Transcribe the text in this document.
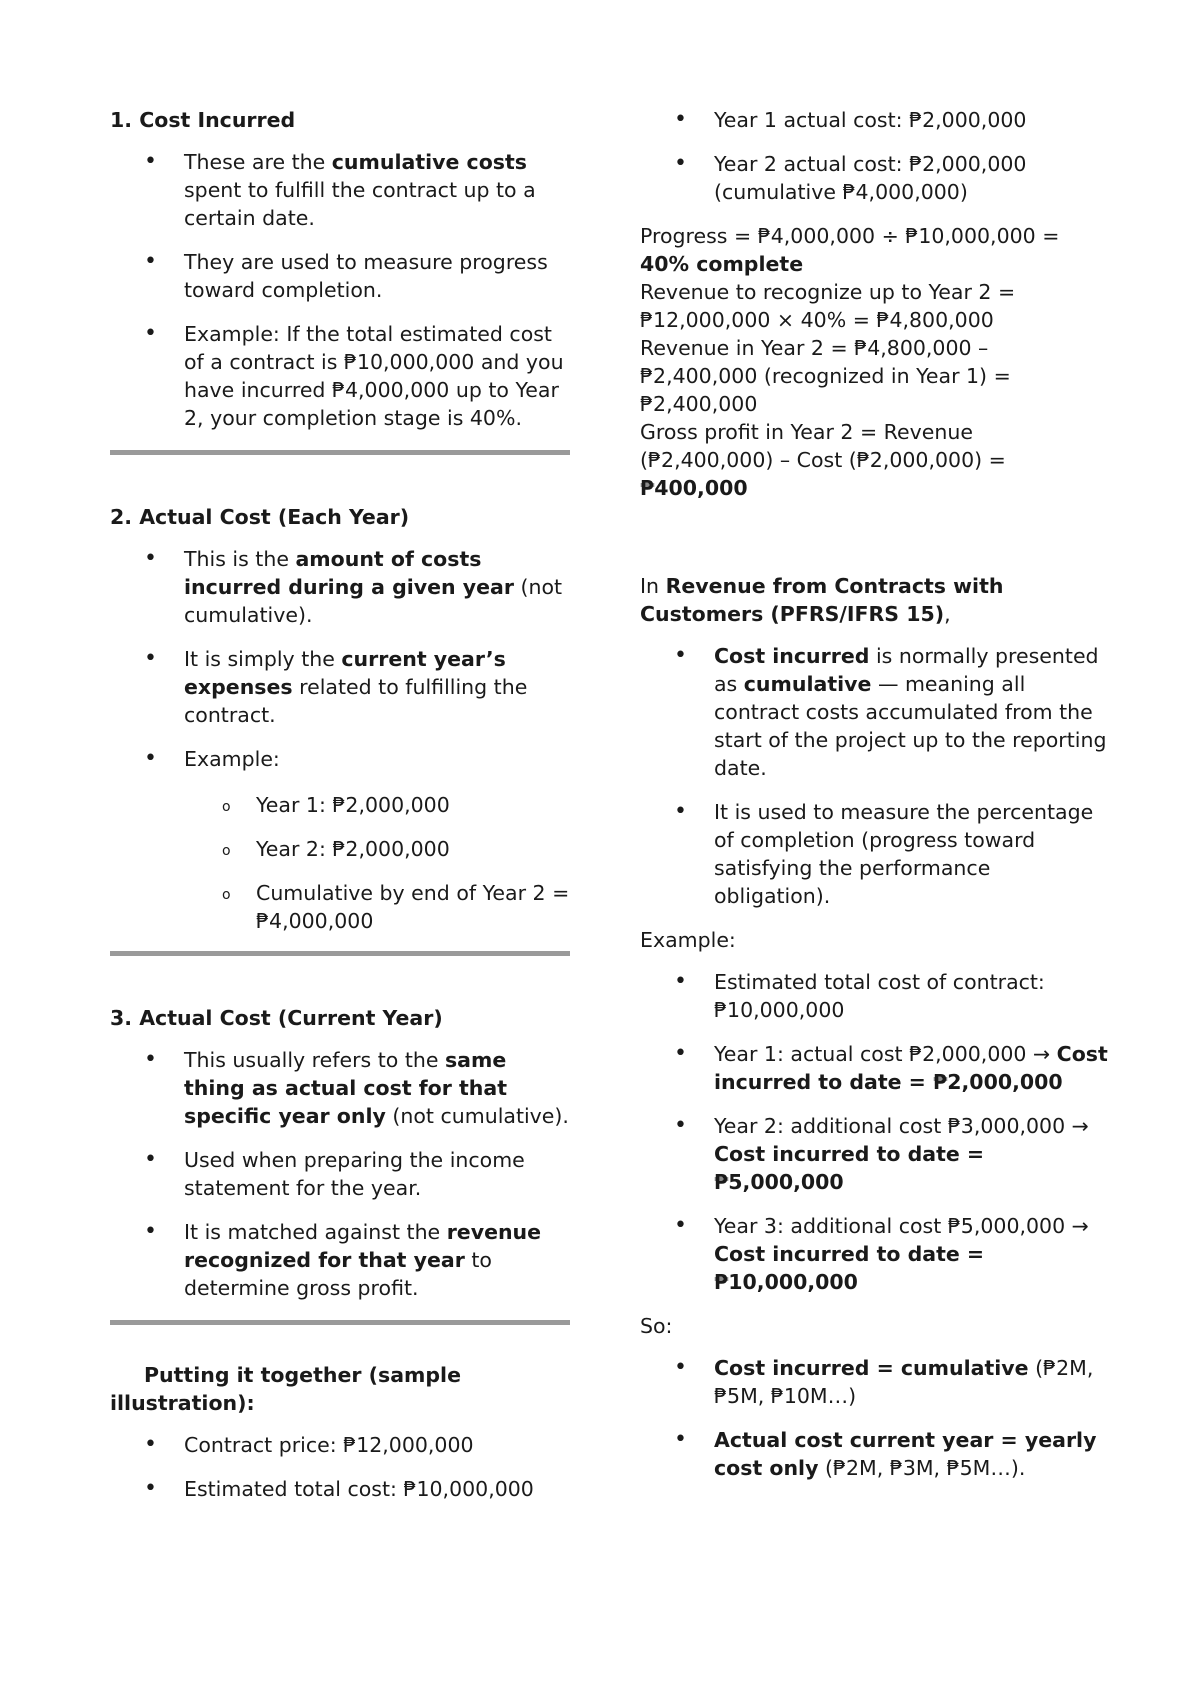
1. Cost Incurred

• These are the cumulative costs spent to fulfill the contract up to a certain date.
• They are used to measure progress toward completion.
• Example: If the total estimated cost of a contract is ₱10,000,000 and you have incurred ₱4,000,000 up to Year 2, your completion stage is 40%.

2. Actual Cost (Each Year)

• This is the amount of costs incurred during a given year (not cumulative).
• It is simply the current year’s expenses related to fulfilling the contract.
• Example:
o Year 1: ₱2,000,000
o Year 2: ₱2,000,000
o Cumulative by end of Year 2 = ₱4,000,000

3. Actual Cost (Current Year)

• This usually refers to the same thing as actual cost for that specific year only (not cumulative).
• Used when preparing the income statement for the year.
• It is matched against the revenue recognized for that year to determine gross profit.

Putting it together (sample illustration):

• Contract price: ₱12,000,000
• Estimated total cost: ₱10,000,000
• Year 1 actual cost: ₱2,000,000
• Year 2 actual cost: ₱2,000,000 (cumulative ₱4,000,000)

Progress = ₱4,000,000 ÷ ₱10,000,000 = 40% complete

Revenue to recognize up to Year 2 = ₱12,000,000 × 40% = ₱4,800,000

Revenue in Year 2 = ₱4,800,000 – ₱2,400,000 (recognized in Year 1) = ₱2,400,000

Gross profit in Year 2 = Revenue (₱2,400,000) – Cost (₱2,000,000) = ₱400,000

In Revenue from Contracts with Customers (PFRS/IFRS 15),

• Cost incurred is normally presented as cumulative — meaning all contract costs accumulated from the start of the project up to the reporting date.
• It is used to measure the percentage of completion (progress toward satisfying the performance obligation).

Example:

• Estimated total cost of contract: ₱10,000,000
• Year 1: actual cost ₱2,000,000 → Cost incurred to date = ₱2,000,000
• Year 2: additional cost ₱3,000,000 → Cost incurred to date = ₱5,000,000
• Year 3: additional cost ₱5,000,000 → Cost incurred to date = ₱10,000,000

So:

• Cost incurred = cumulative (₱2M, ₱5M, ₱10M…)
• Actual cost current year = yearly cost only (₱2M, ₱3M, ₱5M…).
